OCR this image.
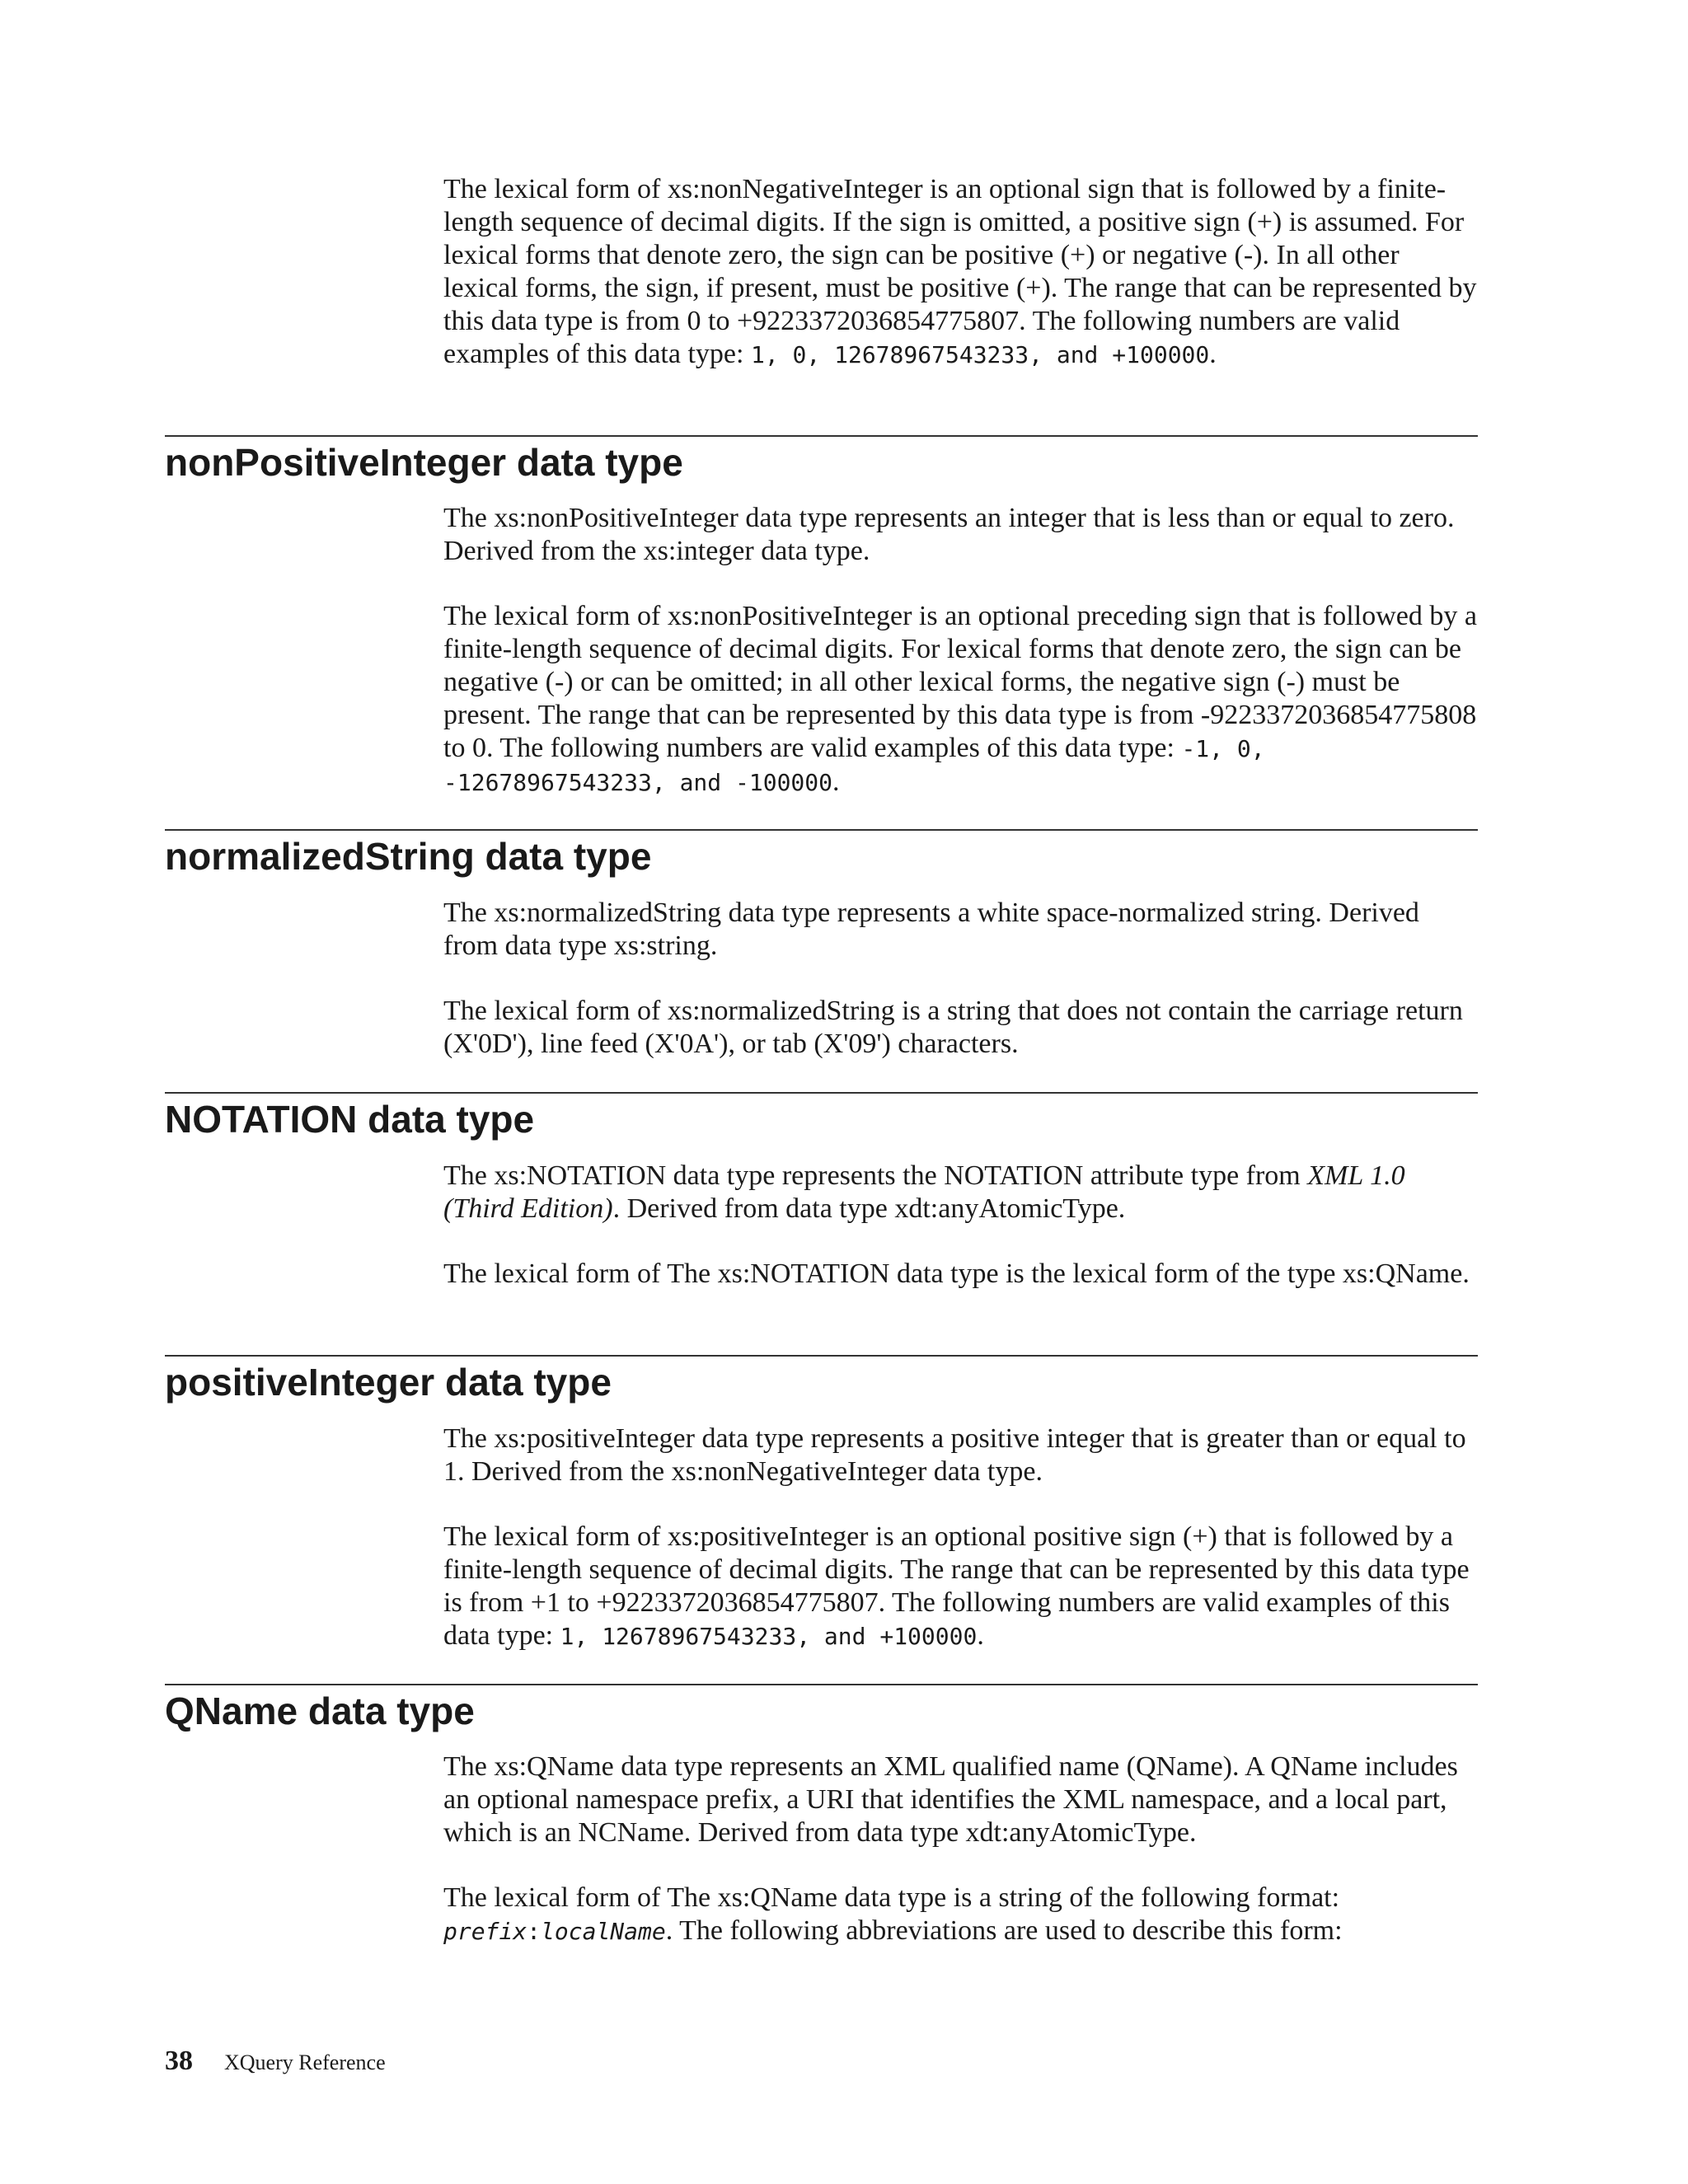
The lexical form of xs:nonNegativeInteger is an optional sign that is followed by a finite-length sequence of decimal digits. If the sign is omitted, a positive sign (+) is assumed. For lexical forms that denote zero, the sign can be positive (+) or negative (-). In all other lexical forms, the sign, if present, must be positive (+). The range that can be represented by this data type is from 0 to +9223372036854775807. The following numbers are valid examples of this data type: 1, 0, 12678967543233, and +100000.

nonPositiveInteger data type

The xs:nonPositiveInteger data type represents an integer that is less than or equal to zero. Derived from the xs:integer data type.

The lexical form of xs:nonPositiveInteger is an optional preceding sign that is followed by a finite-length sequence of decimal digits. For lexical forms that denote zero, the sign can be negative (-) or can be omitted; in all other lexical forms, the negative sign (-) must be present. The range that can be represented by this data type is from -9223372036854775808 to 0. The following numbers are valid examples of this data type: -1, 0, -12678967543233, and -100000.

normalizedString data type

The xs:normalizedString data type represents a white space-normalized string. Derived from data type xs:string.

The lexical form of xs:normalizedString is a string that does not contain the carriage return (X'0D'), line feed (X'0A'), or tab (X'09') characters.

NOTATION data type

The xs:NOTATION data type represents the NOTATION attribute type from XML 1.0 (Third Edition). Derived from data type xdt:anyAtomicType.

The lexical form of The xs:NOTATION data type is the lexical form of the type xs:QName.

positiveInteger data type

The xs:positiveInteger data type represents a positive integer that is greater than or equal to 1. Derived from the xs:nonNegativeInteger data type.

The lexical form of xs:positiveInteger is an optional positive sign (+) that is followed by a finite-length sequence of decimal digits. The range that can be represented by this data type is from +1 to +9223372036854775807. The following numbers are valid examples of this data type: 1, 12678967543233, and +100000.

QName data type

The xs:QName data type represents an XML qualified name (QName). A QName includes an optional namespace prefix, a URI that identifies the XML namespace, and a local part, which is an NCName. Derived from data type xdt:anyAtomicType.

The lexical form of The xs:QName data type is a string of the following format: prefix:localName. The following abbreviations are used to describe this form:

38 XQuery Reference
